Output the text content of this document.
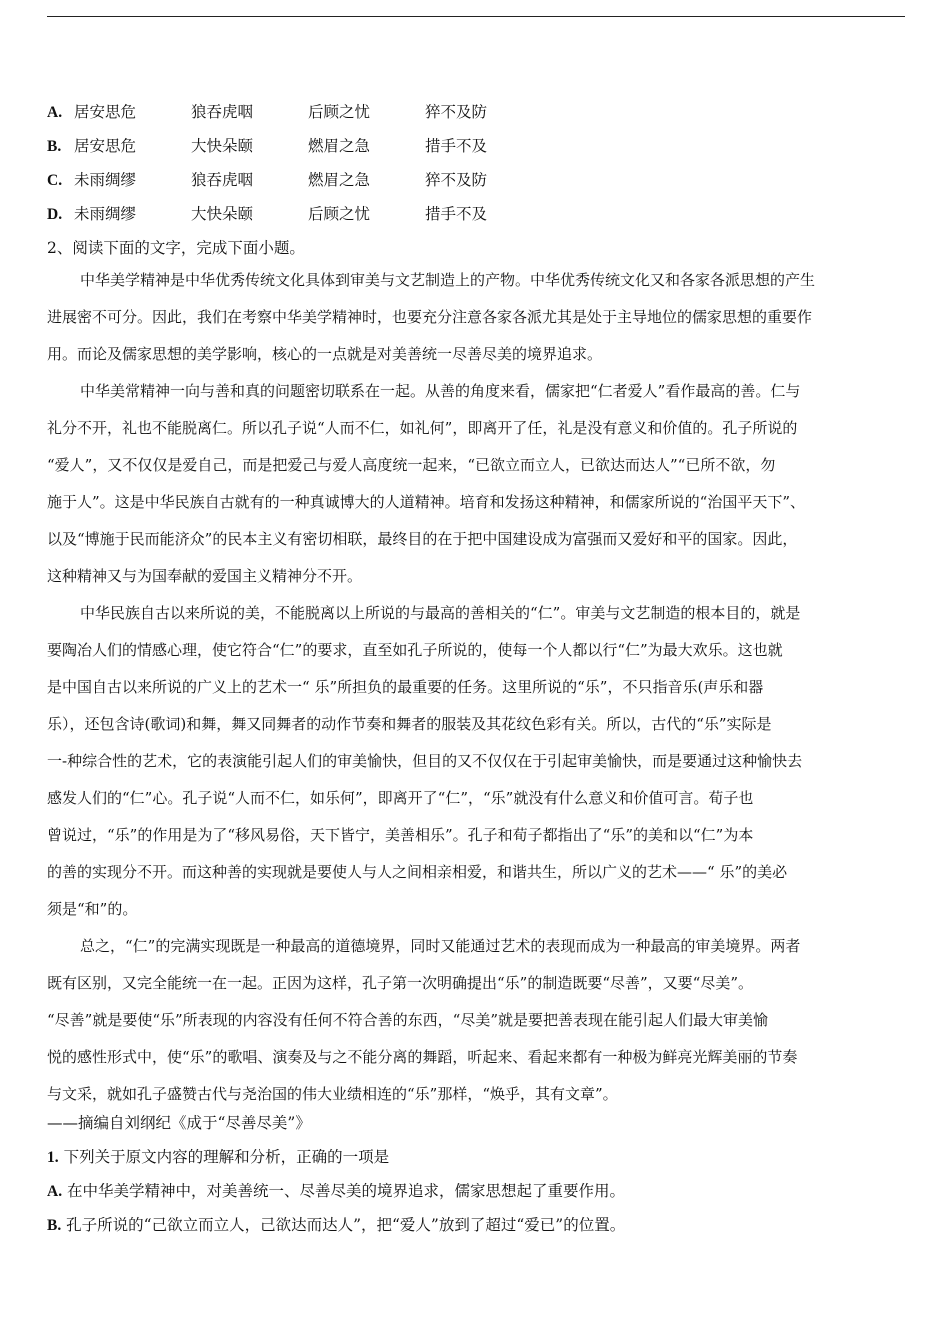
A. 居安思危	狼吞虎咽	后顾之忧	猝不及防
B. 居安思危	大快朵颐	燃眉之急	措手不及
C. 未雨绸缪	狼吞虎咽	燃眉之急	猝不及防
D. 未雨绸缪	大快朵颐	后顾之忧	措手不及
2、阅读下面的文字，完成下面小题。
中华美学精神是中华优秀传统文化具体到审美与文艺制造上的产物。中华优秀传统文化又和各家各派思想的产生
进展密不可分。因此，我们在考察中华美学精神时，也要充分注意各家各派尤其是处于主导地位的儒家思想的重要作
用。而论及儒家思想的美学影响，核心的一点就是对美善统一尽善尽美的境界追求。
中华美常精神一向与善和真的问题密切联系在一起。从善的角度来看，儒家把“仁者爱人”看作最高的善。仁与
礼分不开，礼也不能脱离仁。所以孔子说“人而不仁，如礼何”，即离开了任，礼是没有意义和价值的。孔子所说的
“爱人”，又不仅仅是爱自己，而是把爱己与爱人高度统一起来，“已欲立而立人，已欲达而达人”“已所不欲，勿
施于人”。这是中华民族自古就有的一种真诚博大的人道精神。培育和发扬这种精神，和儒家所说的“治国平天下”、
以及“博施于民而能济众”的民本主义有密切相联，最终目的在于把中国建设成为富强而又爱好和平的国家。因此，
这种精神又与为国奉献的爱国主义精神分不开。
中华民族自古以来所说的美，不能脱离以上所说的与最高的善相关的“仁”。审美与文艺制造的根本目的，就是
要陶冶人们的情感心理，使它符合“仁”的要求，直至如孔子所说的，使每一个人都以行“仁”为最大欢乐。这也就
是中国自古以来所说的广义上的艺术一“ 乐”所担负的最重要的任务。这里所说的“乐”，不只指音乐(声乐和器
乐），还包含诗(歌词)和舞，舞又同舞者的动作节奏和舞者的服装及其花纹色彩有关。所以，古代的“乐”实际是
一-种综合性的艺术，它的表演能引起人们的审美愉快，但目的又不仅仅在于引起审美愉快，而是要通过这种愉快去
感发人们的“仁”心。孔子说“人而不仁，如乐何”，即离开了“仁”，“乐”就没有什么意义和价值可言。荀子也
曾说过，“乐”的作用是为了“移风易俗，天下皆宁，美善相乐”。孔子和荀子都指出了“乐”的美和以“仁”为本
的善的实现分不开。而这种善的实现就是要使人与人之间相亲相爱，和谐共生，所以广义的艺术——“ 乐”的美必
须是“和”的。
总之，“仁”的完满实现既是一种最高的道德境界，同时又能通过艺术的表现而成为一种最高的审美境界。两者
既有区别，又完全能统一在一起。正因为这样，孔子第一次明确提出“乐”的制造既要“尽善”，又要“尽美”。
“尽善”就是要使“乐”所表现的内容没有任何不符合善的东西，“尽美”就是要把善表现在能引起人们最大审美愉
悦的感性形式中，使“乐”的歌唱、演奏及与之不能分离的舞蹈，听起来、看起来都有一种极为鲜亮光辉美丽的节奏
与文采，就如孔子盛赞古代与尧治国的伟大业绩相连的“乐”那样，“焕乎，其有文章”。
——摘编自刘纲纪《成于“尽善尽美”》
1. 下列关于原文内容的理解和分析，正确的一项是
A. 在中华美学精神中，对美善统一、尽善尽美的境界追求，儒家思想起了重要作用。
B. 孔子所说的“己欲立而立人，己欲达而达人”，把“爱人”放到了超过“爱已”的位置。
